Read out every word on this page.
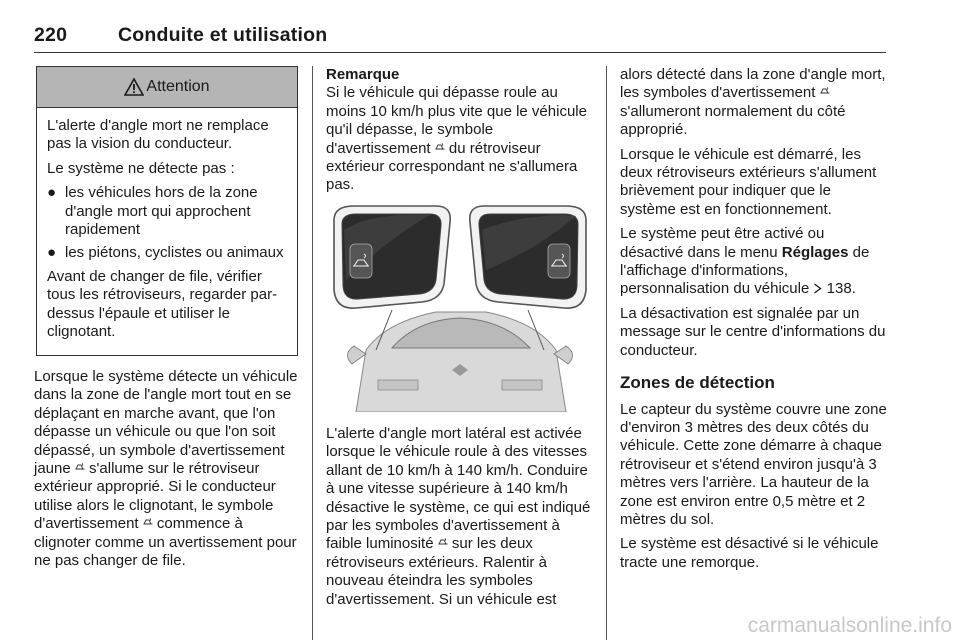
220	Conduite et utilisation
Attention

L'alerte d'angle mort ne remplace pas la vision du conducteur.

Le système ne détecte pas :

● les véhicules hors de la zone d'angle mort qui approchent rapidement
● les piétons, cyclistes ou animaux

Avant de changer de file, vérifier tous les rétroviseurs, regarder par-dessus l'épaule et utiliser le clignotant.

Lorsque le système détecte un véhicule dans la zone de l'angle mort tout en se déplaçant en marche avant, que l'on dépasse un véhicule ou que l'on soit dépassé, un symbole d'avertissement jaune s'allume sur le rétroviseur extérieur approprié. Si le conducteur utilise alors le clignotant, le symbole d'avertissement commence à clignoter comme un avertissement pour ne pas changer de file.

Remarque
Si le véhicule qui dépasse roule au moins 10 km/h plus vite que le véhicule qu'il dépasse, le symbole d'avertissement du rétroviseur extérieur correspondant ne s'allumera pas.

L'alerte d'angle mort latéral est activée lorsque le véhicule roule à des vitesses allant de 10 km/h à 140 km/h. Conduire à une vitesse supérieure à 140 km/h désactive le système, ce qui est indiqué par les symboles d'avertissement à faible luminosité sur les deux rétroviseurs extérieurs. Ralentir à nouveau éteindra les symboles d'avertissement. Si un véhicule est

alors détecté dans la zone d'angle mort, les symboles d'avertissement  s'allumeront normalement du côté approprié.

Lorsque le véhicule est démarré, les deux rétroviseurs extérieurs s'allument brièvement pour indiquer que le système est en fonctionnement.

Le système peut être activé ou désactivé dans le menu Réglages de l'affichage d'informations, personnalisation du véhicule 138.

La désactivation est signalée par un message sur le centre d'informations du conducteur.

Zones de détection

Le capteur du système couvre une zone d'environ 3 mètres des deux côtés du véhicule. Cette zone démarre à chaque rétroviseur et s'étend environ jusqu'à 3 mètres vers l'arrière. La hauteur de la zone est environ entre 0,5 mètre et 2 mètres du sol.

Le système est désactivé si le véhicule tracte une remorque.

carmanualsonline.info
